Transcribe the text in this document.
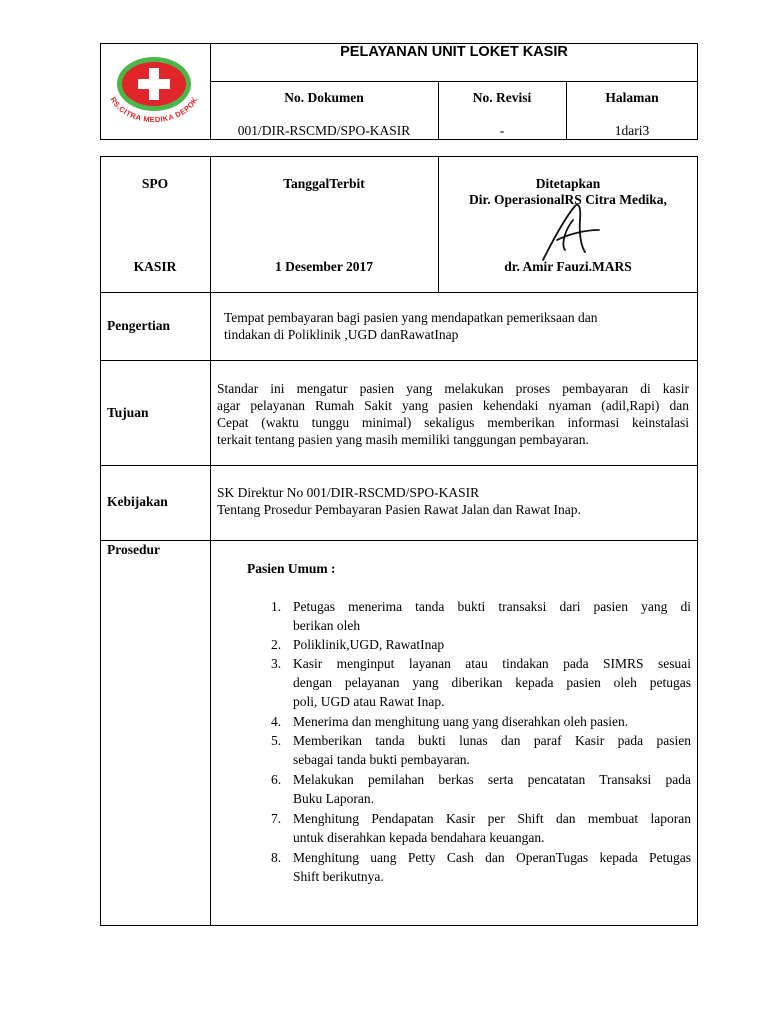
RS.CITRA MEDIKA DEPOK
PELAYANAN UNIT LOKET KASIR
No. Dokumen
001/DIR-RSCMD/SPO-KASIR
No. Revisi
-
Halaman
1dari3
SPO
KASIR
TanggalTerbit
1 Desember 2017
Ditetapkan
Dir. OperasionalRS Citra Medika,
dr. Amir Fauzi.MARS
Pengertian
Tempat pembayaran bagi pasien yang mendapatkan pemeriksaan dan
tindakan di Poliklinik ,UGD danRawatInap
Tujuan
Standar ini mengatur pasien yang melakukan proses pembayaran di kasir
agar pelayanan Rumah Sakit yang pasien kehendaki nyaman (adil,Rapi) dan
Cepat (waktu tunggu minimal) sekaligus memberikan informasi keinstalasi
terkait tentang pasien yang masih memiliki tanggungan pembayaran.
Kebijakan
SK Direktur No 001/DIR-RSCMD/SPO-KASIR
Tentang Prosedur Pembayaran Pasien Rawat Jalan dan Rawat Inap.
Prosedur
Pasien Umum :
1. Petugas menerima tanda bukti transaksi dari pasien yang di
berikan oleh
2. Poliklinik,UGD, RawatInap
3. Kasir menginput layanan atau tindakan pada SIMRS sesuai
dengan pelayanan yang diberikan kepada pasien oleh petugas
poli, UGD atau Rawat Inap.
4. Menerima dan menghitung uang yang diserahkan oleh pasien.
5. Memberikan tanda bukti lunas dan paraf Kasir pada pasien
sebagai tanda bukti pembayaran.
6. Melakukan pemilahan berkas serta pencatatan Transaksi pada
Buku Laporan.
7. Menghitung Pendapatan Kasir per Shift dan membuat laporan
untuk diserahkan kepada bendahara keuangan.
8. Menghitung uang Petty Cash dan OperanTugas kepada Petugas
Shift berikutnya.
